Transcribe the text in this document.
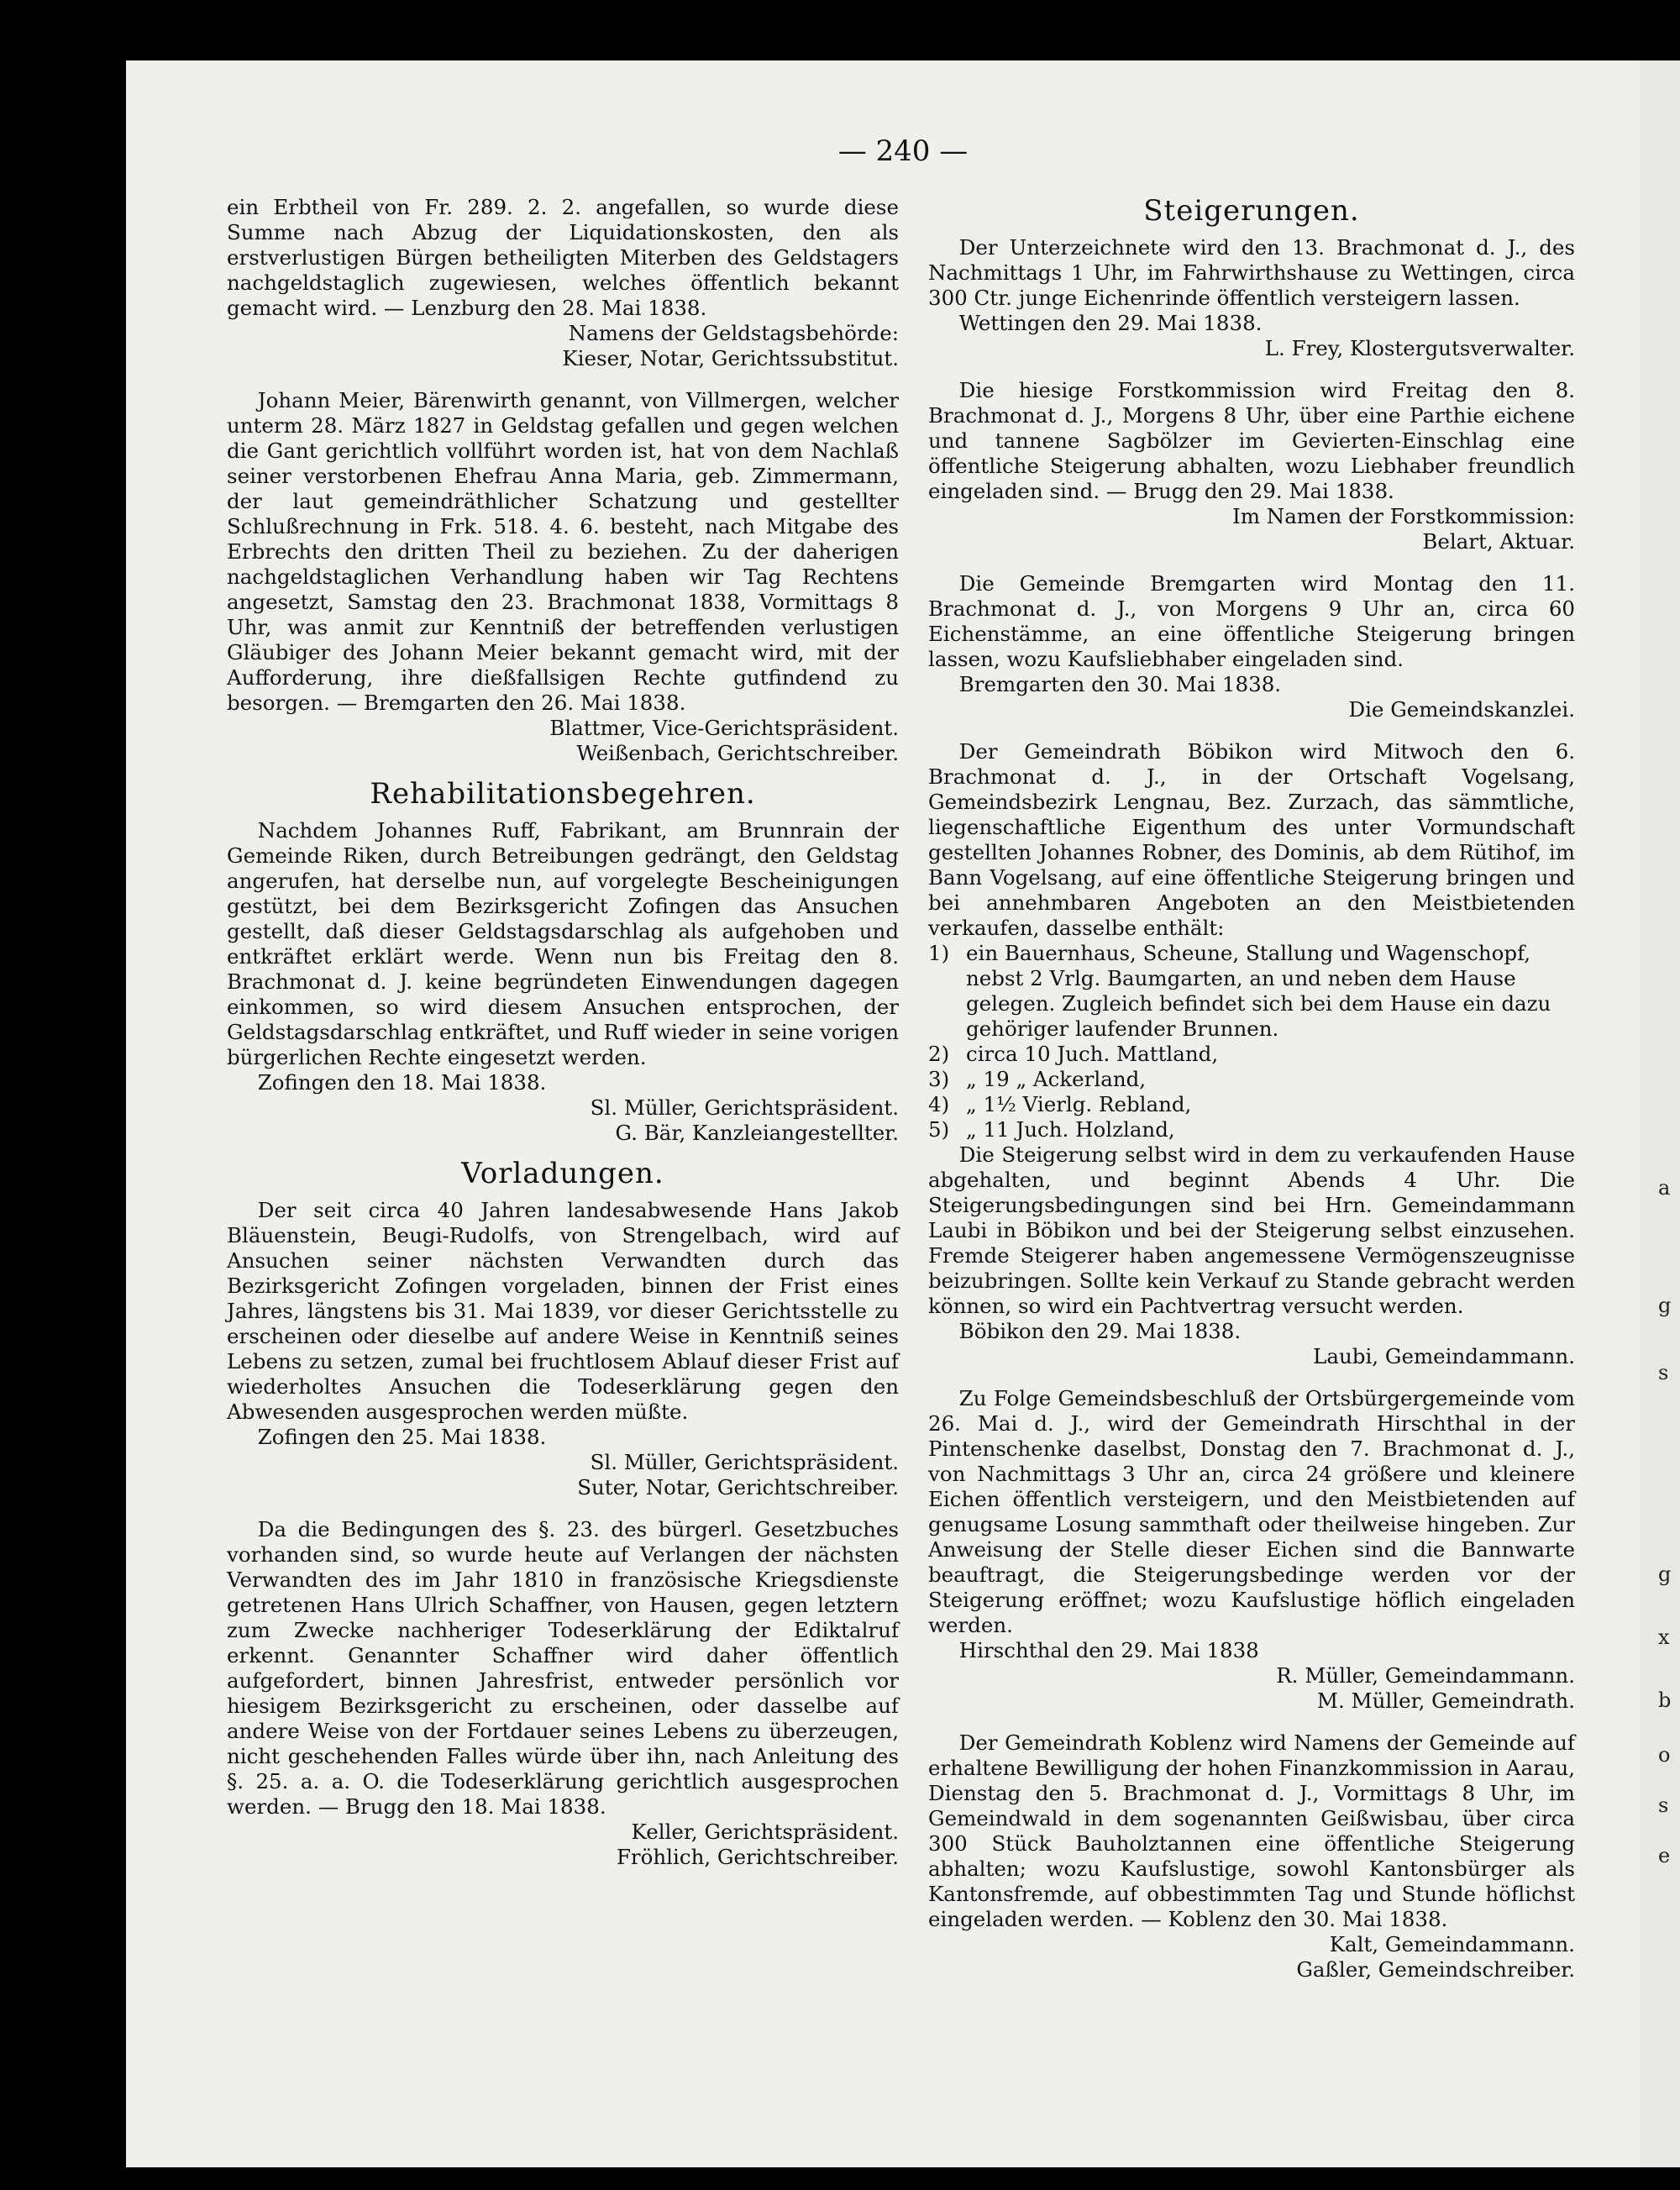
a
g
s
g
x
b
o
s
e
— 240 —

ein Erbtheil von Fr. 289. 2. 2. angefallen, so wurde diese Summe nach Abzug der Liquidationskosten, den als erstverlustigen Bürgen betheiligten Miterben des Geldstagers nachgeldstaglich zugewiesen, welches öffentlich bekannt gemacht wird. — Lenzburg den 28. Mai 1838.

Namens der Geldstagsbehörde:
Kieser, Notar, Gerichtssubstitut.

Johann Meier, Bärenwirth genannt, von Villmergen, welcher unterm 28. März 1827 in Geldstag gefallen und gegen welchen die Gant gerichtlich vollführt worden ist, hat von dem Nachlaß seiner verstorbenen Ehefrau Anna Maria, geb. Zimmermann, der laut gemeindräthlicher Schatzung und gestellter Schlußrechnung in Frk. 518. 4. 6. besteht, nach Mitgabe des Erbrechts den dritten Theil zu beziehen. Zu der daherigen nachgeldstaglichen Verhandlung haben wir Tag Rechtens angesetzt, Samstag den 23. Brachmonat 1838, Vormittags 8 Uhr, was anmit zur Kenntniß der betreffenden verlustigen Gläubiger des Johann Meier bekannt gemacht wird, mit der Aufforderung, ihre dießfallsigen Rechte gutfindend zu besorgen. — Bremgarten den 26. Mai 1838.

Blattmer, Vice-Gerichtspräsident.
Weißenbach, Gerichtschreiber.
Rehabilitationsbegehren.

Nachdem Johannes Ruff, Fabrikant, am Brunnrain der Gemeinde Riken, durch Betreibungen gedrängt, den Geldstag angerufen, hat derselbe nun, auf vorgelegte Bescheinigungen gestützt, bei dem Bezirksgericht Zofingen das Ansuchen gestellt, daß dieser Geldstagsdarschlag als aufgehoben und entkräftet erklärt werde. Wenn nun bis Freitag den 8. Brachmonat d. J. keine begründeten Einwendungen dagegen einkommen, so wird diesem Ansuchen entsprochen, der Geldstagsdarschlag entkräftet, und Ruff wieder in seine vorigen bürgerlichen Rechte eingesetzt werden.

Zofingen den 18. Mai 1838.

Sl. Müller, Gerichtspräsident.
G. Bär, Kanzleiangestellter.
Vorladungen.

Der seit circa 40 Jahren landesabwesende Hans Jakob Bläuenstein, Beugi-Rudolfs, von Strengelbach, wird auf Ansuchen seiner nächsten Verwandten durch das Bezirksgericht Zofingen vorgeladen, binnen der Frist eines Jahres, längstens bis 31. Mai 1839, vor dieser Gerichtsstelle zu erscheinen oder dieselbe auf andere Weise in Kenntniß seines Lebens zu setzen, zumal bei fruchtlosem Ablauf dieser Frist auf wiederholtes Ansuchen die Todeserklärung gegen den Abwesenden ausgesprochen werden müßte.

Zofingen den 25. Mai 1838.

Sl. Müller, Gerichtspräsident.
Suter, Notar, Gerichtschreiber.

Da die Bedingungen des §. 23. des bürgerl. Gesetzbuches vorhanden sind, so wurde heute auf Verlangen der nächsten Verwandten des im Jahr 1810 in französische Kriegsdienste getretenen Hans Ulrich Schaffner, von Hausen, gegen letztern zum Zwecke nachheriger Todeserklärung der Ediktalruf erkennt. Genannter Schaffner wird daher öffentlich aufgefordert, binnen Jahresfrist, entweder persönlich vor hiesigem Bezirksgericht zu erscheinen, oder dasselbe auf andere Weise von der Fortdauer seines Lebens zu überzeugen, nicht geschehenden Falles würde über ihn, nach Anleitung des §. 25. a. a. O. die Todeserklärung gerichtlich ausgesprochen werden. — Brugg den 18. Mai 1838.

Keller, Gerichtspräsident.
Fröhlich, Gerichtschreiber.
Steigerungen.

Der Unterzeichnete wird den 13. Brachmonat d. J., des Nachmittags 1 Uhr, im Fahrwirthshause zu Wettingen, circa 300 Ctr. junge Eichenrinde öffentlich versteigern lassen.

Wettingen den 29. Mai 1838.

L. Frey, Klostergutsverwalter.

Die hiesige Forstkommission wird Freitag den 8. Brachmonat d. J., Morgens 8 Uhr, über eine Parthie eichene und tannene Sagbölzer im Gevierten-Einschlag eine öffentliche Steigerung abhalten, wozu Liebhaber freundlich eingeladen sind. — Brugg den 29. Mai 1838.

Im Namen der Forstkommission:
Belart, Aktuar.

Die Gemeinde Bremgarten wird Montag den 11. Brachmonat d. J., von Morgens 9 Uhr an, circa 60 Eichenstämme, an eine öffentliche Steigerung bringen lassen, wozu Kaufsliebhaber eingeladen sind.

Bremgarten den 30. Mai 1838.

Die Gemeindskanzlei.

Der Gemeindrath Böbikon wird Mitwoch den 6. Brachmonat d. J., in der Ortschaft Vogelsang, Gemeindsbezirk Lengnau, Bez. Zurzach, das sämmtliche, liegenschaftliche Eigenthum des unter Vormundschaft gestellten Johannes Robner, des Dominis, ab dem Rütihof, im Bann Vogelsang, auf eine öffentliche Steigerung bringen und bei annehmbaren Angeboten an den Meistbietenden verkaufen, dasselbe enthält:

1) ein Bauernhaus, Scheune, Stallung und Wagenschopf, nebst 2 Vrlg. Baumgarten, an und neben dem Hause gelegen. Zugleich befindet sich bei dem Hause ein dazu gehöriger laufender Brunnen.
2) circa 10 Juch. Mattland,
3) „ 19 „ Ackerland,
4) „ 1½ Vierlg. Rebland,
5) „ 11 Juch. Holzland,

Die Steigerung selbst wird in dem zu verkaufenden Hause abgehalten, und beginnt Abends 4 Uhr. Die Steigerungsbedingungen sind bei Hrn. Gemeindammann Laubi in Böbikon und bei der Steigerung selbst einzusehen. Fremde Steigerer haben angemessene Vermögenszeugnisse beizubringen. Sollte kein Verkauf zu Stande gebracht werden können, so wird ein Pachtvertrag versucht werden.

Böbikon den 29. Mai 1838.

Laubi, Gemeindammann.

Zu Folge Gemeindsbeschluß der Ortsbürgergemeinde vom 26. Mai d. J., wird der Gemeindrath Hirschthal in der Pintenschenke daselbst, Donstag den 7. Brachmonat d. J., von Nachmittags 3 Uhr an, circa 24 größere und kleinere Eichen öffentlich versteigern, und den Meistbietenden auf genugsame Losung sammthaft oder theilweise hingeben. Zur Anweisung der Stelle dieser Eichen sind die Bannwarte beauftragt, die Steigerungsbedinge werden vor der Steigerung eröffnet; wozu Kaufslustige höflich eingeladen werden.

Hirschthal den 29. Mai 1838

R. Müller, Gemeindammann.
M. Müller, Gemeindrath.

Der Gemeindrath Koblenz wird Namens der Gemeinde auf erhaltene Bewilligung der hohen Finanzkommission in Aarau, Dienstag den 5. Brachmonat d. J., Vormittags 8 Uhr, im Gemeindwald in dem sogenannten Geißwisbau, über circa 300 Stück Bauholztannen eine öffentliche Steigerung abhalten; wozu Kaufslustige, sowohl Kantonsbürger als Kantonsfremde, auf obbestimmten Tag und Stunde höflichst eingeladen werden. — Koblenz den 30. Mai 1838.

Kalt, Gemeindammann.
Gaßler, Gemeindschreiber.
